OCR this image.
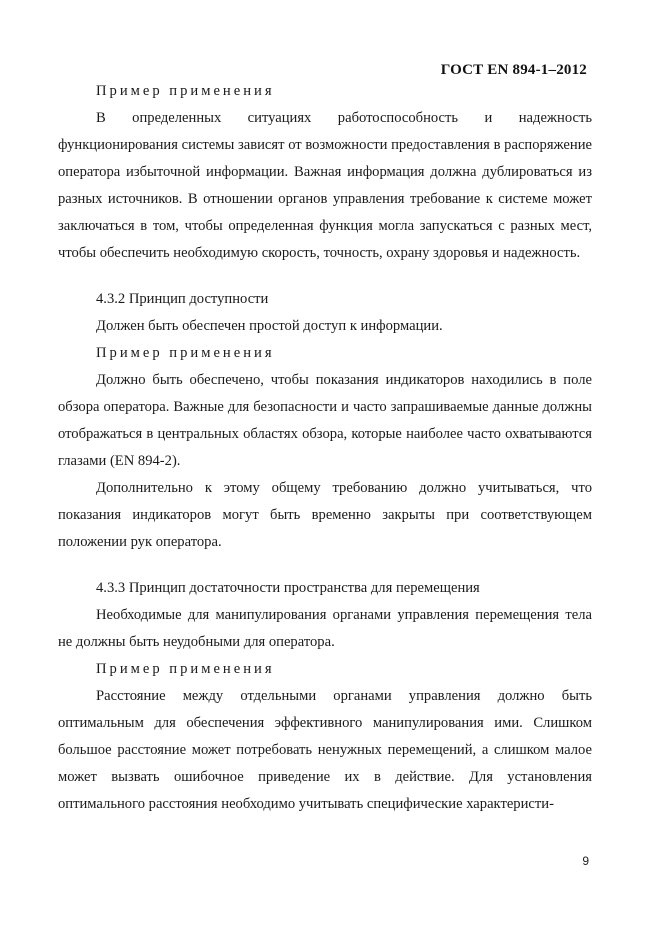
ГОСТ EN 894-1–2012

Пример применения

В определенных ситуациях работоспособность и надежность функционирования системы зависят от возможности предоставления в распоряжение оператора избыточной информации. Важная информация должна дублироваться из разных источников. В отношении органов управления требование к системе может заключаться в том, чтобы определенная функция могла запускаться с разных мест, чтобы обеспечить необходимую скорость, точность, охрану здоровья и надежность.

4.3.2 Принцип доступности

Должен быть обеспечен простой доступ к информации.

Пример применения

Должно быть обеспечено, чтобы показания индикаторов находились в поле обзора оператора. Важные для безопасности и часто запрашиваемые данные должны отображаться в центральных областях обзора, которые наиболее часто охватываются глазами (EN 894-2).

Дополнительно к этому общему требованию должно учитываться, что показания индикаторов могут быть временно закрыты при соответствующем положении рук оператора.

4.3.3 Принцип достаточности пространства для перемещения

Необходимые для манипулирования органами управления перемещения тела не должны быть неудобными для оператора.

Пример применения

Расстояние между отдельными органами управления должно быть оптимальным для обеспечения эффективного манипулирования ими. Слишком большое расстояние может потребовать ненужных перемещений, а слишком малое может вызвать ошибочное приведение их в действие. Для установления оптимального расстояния необходимо учитывать специфические характеристи-

9
